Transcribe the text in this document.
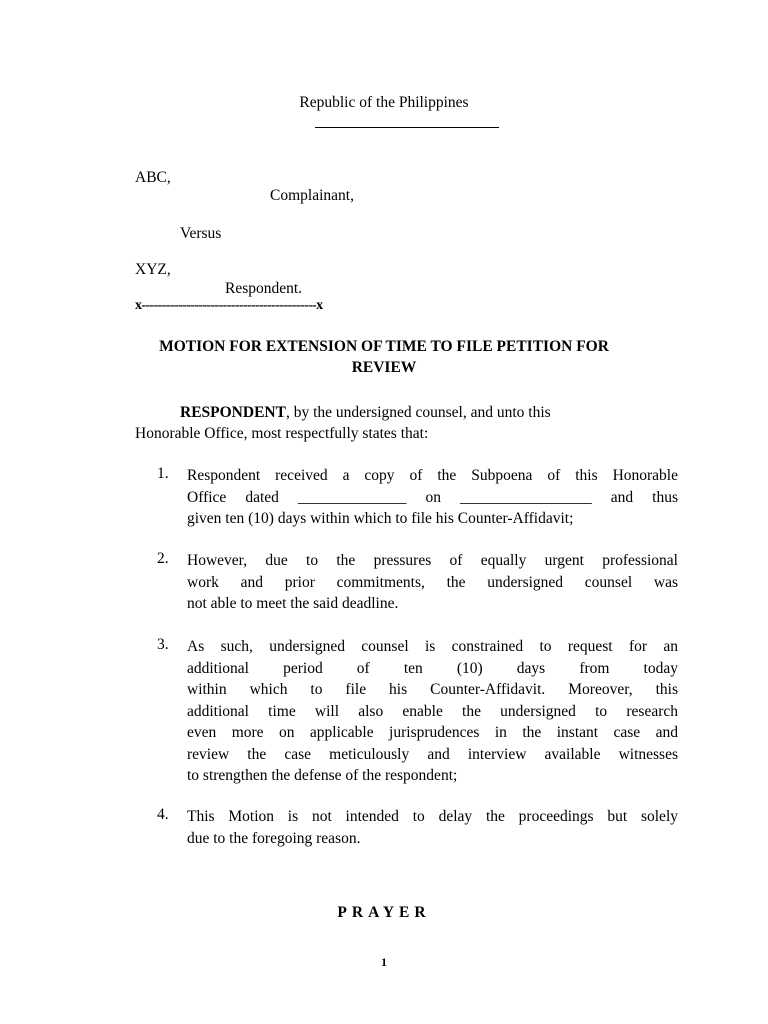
Republic of the Philippines
ABC,
Complainant,
Versus
XYZ,
Respondent.
x-------------------------------------------x
MOTION FOR EXTENSION OF TIME TO FILE PETITION FOR
REVIEW
RESPONDENT, by the undersigned counsel, and unto this
Honorable Office, most respectfully states that:
1.	Respondent received a copy of the Subpoena of this Honorable
Office dated ______________ on _________________ and thus
given ten (10) days within which to file his Counter-Affidavit;
2.	However, due to the pressures of equally urgent professional
work and prior commitments, the undersigned counsel was
not able to meet the said deadline.
3.	As such, undersigned counsel is constrained to request for an
additional period of ten (10) days from today
within which to file his Counter-Affidavit. Moreover, this
additional time will also enable the undersigned to research
even more on applicable jurisprudences in the instant case and
review the case meticulously and interview available witnesses
to strengthen the defense of the respondent;
4.	This Motion is not intended to delay the proceedings but solely
due to the foregoing reason.
PRAYER
1
